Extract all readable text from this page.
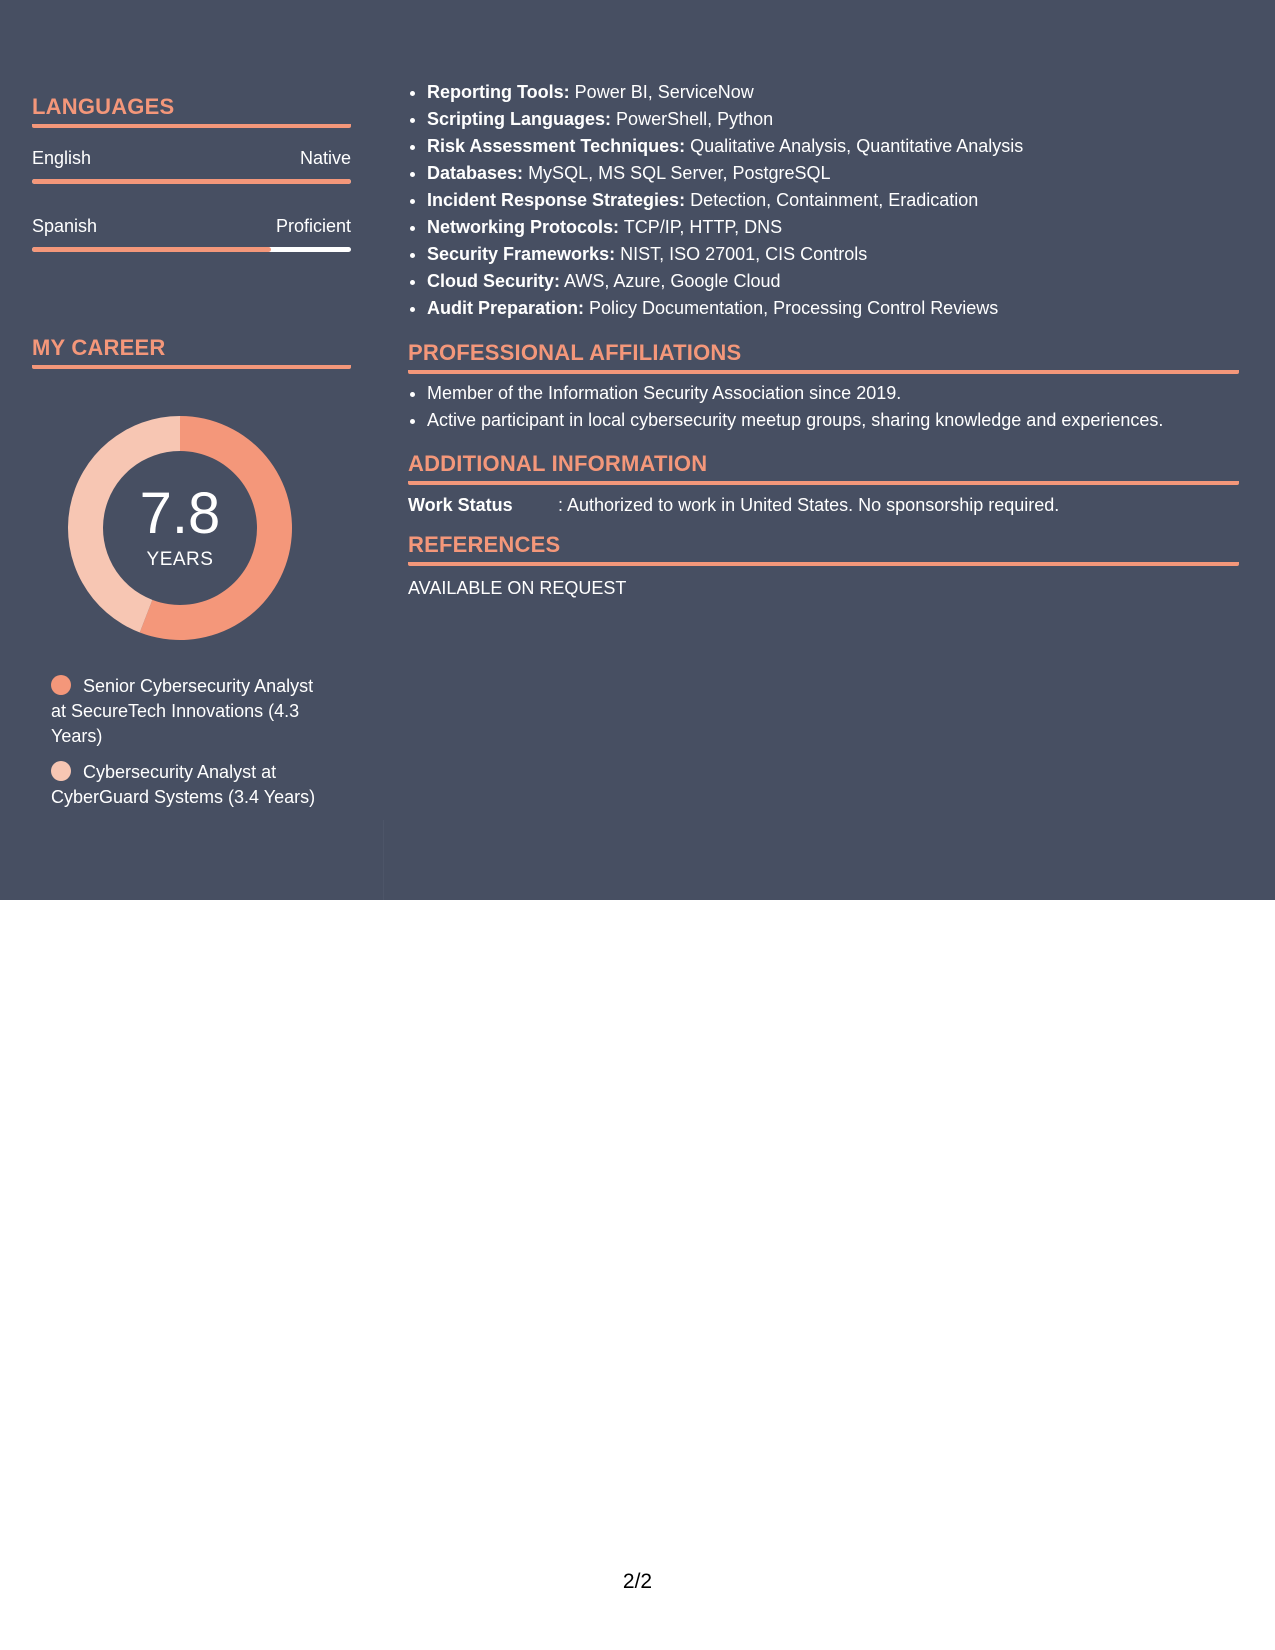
LANGUAGES
English	Native
Spanish	Proficient
MY CAREER
7.8
YEARS
Senior Cybersecurity Analyst at SecureTech Innovations (4.3 Years)
Cybersecurity Analyst at CyberGuard Systems (3.4 Years)
• Reporting Tools: Power BI, ServiceNow
• Scripting Languages: PowerShell, Python
• Risk Assessment Techniques: Qualitative Analysis, Quantitative Analysis
• Databases: MySQL, MS SQL Server, PostgreSQL
• Incident Response Strategies: Detection, Containment, Eradication
• Networking Protocols: TCP/IP, HTTP, DNS
• Security Frameworks: NIST, ISO 27001, CIS Controls
• Cloud Security: AWS, Azure, Google Cloud
• Audit Preparation: Policy Documentation, Processing Control Reviews
PROFESSIONAL AFFILIATIONS
• Member of the Information Security Association since 2019.
• Active participant in local cybersecurity meetup groups, sharing knowledge and experiences.
ADDITIONAL INFORMATION
Work Status	: Authorized to work in United States. No sponsorship required.
REFERENCES
AVAILABLE ON REQUEST
2/2
